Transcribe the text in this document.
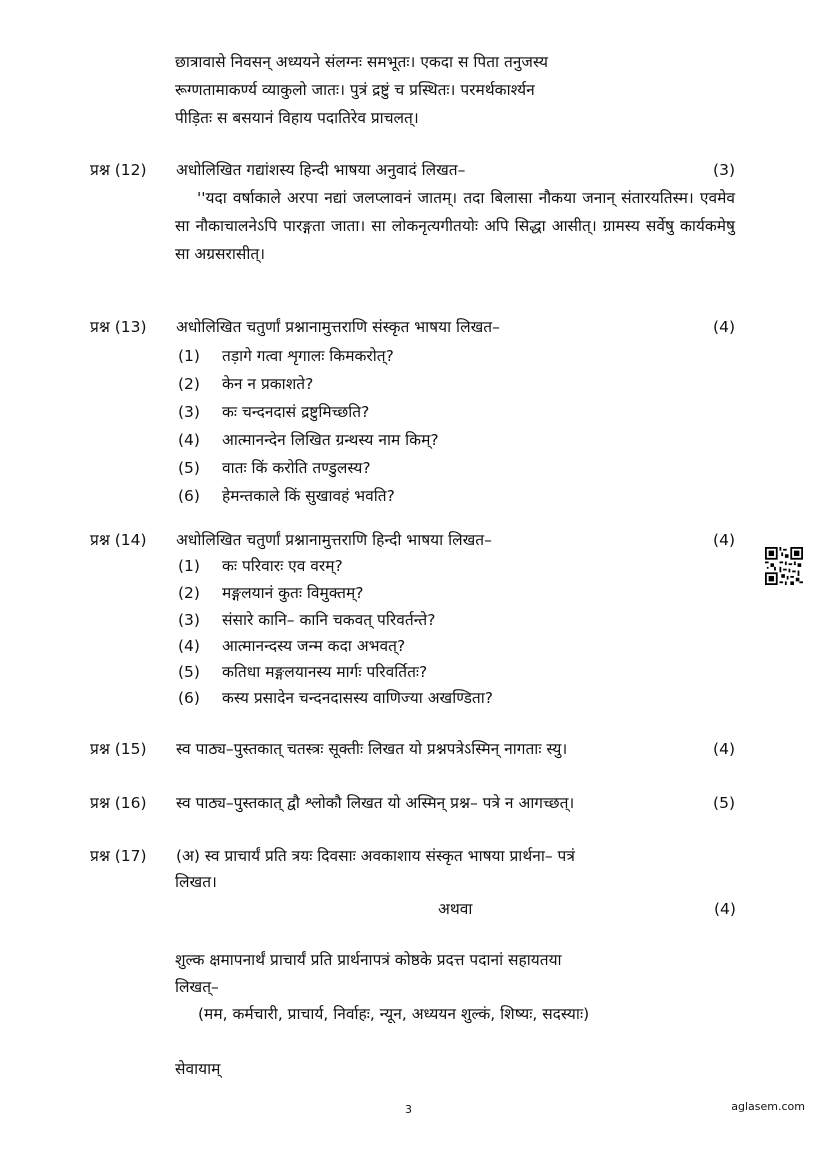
छात्रावासे निवसन् अध्ययने संलग्नः समभूतः। एकदा स पिता तनुजस्य
रूग्णतामाकर्ण्य व्याकुलो जातः। पुत्रं द्रष्टुं च प्रस्थितः। परमर्थकार्श्यन
पीड़ितः स बसयानं विहाय पदातिरेव प्राचलत्।
प्रश्न (12) अधोलिखित गद्यांशस्य हिन्दी भाषया अनुवादं लिखत–	(3)

''यदा वर्षाकाले अरपा नद्यां जलप्लावनं जातम्। तदा बिलासा नौकया जनान् संतारयतिस्म। एवमेव सा नौकाचालनेऽपि पारङ्गता जाता। सा लोकनृत्यगीतयोः अपि सिद्धा आसीत्। ग्रामस्य सर्वेषु कार्यकमेषु सा अग्रसरासीत्।

प्रश्न (13) अधोलिखित चतुर्णां प्रश्नानामुत्तराणि संस्कृत भाषया लिखत–	(4)
(1) तड़ागे गत्वा शृगालः किमकरोत्?
(2) केन न प्रकाशते?
(3) कः चन्दनदासं द्रष्टुमिच्छति?
(4) आत्मानन्देन लिखित ग्रन्थस्य नाम किम्?
(5) वातः किं करोति तण्डुलस्य?
(6) हेमन्तकाले किं सुखावहं भवति?
प्रश्न (14) अधोलिखित चतुर्णां प्रश्नानामुत्तराणि हिन्दी भाषया लिखत–	(4)
(1) कः परिवारः एव वरम्?
(2) मङ्गलयानं कुतः विमुक्तम्?
(3) संसारे कानि– कानि चकवत् परिवर्तन्ते?
(4) आत्मानन्दस्य जन्म कदा अभवत्?
(5) कतिधा मङ्गलयानस्य मार्गः परिवर्तितः?
(6) कस्य प्रसादेन चन्दनदासस्य वाणिज्या अखण्डिता?
प्रश्न (15) स्व पाठ्य–पुस्तकात् चतस्त्रः सूक्तीः लिखत यो प्रश्नपत्रेऽस्मिन् नागताः स्यु।	(4)
प्रश्न (16) स्व पाठ्य–पुस्तकात् द्वौ श्लोकौ लिखत यो अस्मिन् प्रश्न– पत्रे न आगच्छत्।	(5)
प्रश्न (17) (अ) स्व प्राचार्यं प्रति त्रयः दिवसाः अवकाशाय संस्कृत भाषया प्रार्थना– पत्रं
लिखत।
अथवा	(4)
शुल्क क्षमापनार्थं प्राचार्यं प्रति प्रार्थनापत्रं कोष्ठके प्रदत्त पदानां सहायतया
लिखत्–
(मम, कर्मचारी, प्राचार्य, निर्वाहः, न्यून, अध्ययन शुल्कं, शिष्यः, सदस्याः)
सेवायाम्
3	aglasem.com
